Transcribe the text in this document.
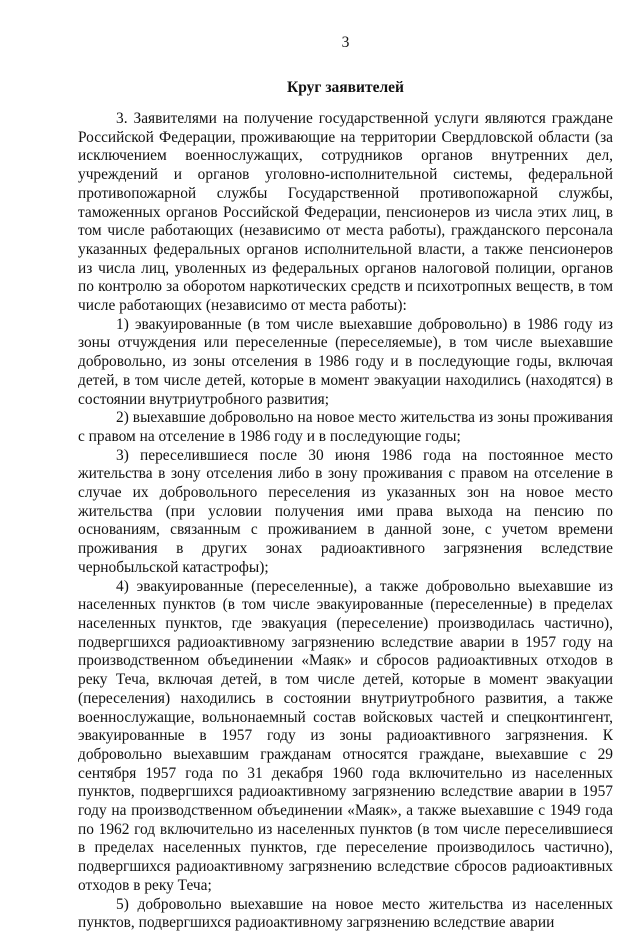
3
Круг заявителей

3. Заявителями на получение государственной услуги являются граждане Российской Федерации, проживающие на территории Свердловской области (за исключением военнослужащих, сотрудников органов внутренних дел, учреждений и органов уголовно-исполнительной системы, федеральной противопожарной службы Государственной противопожарной службы, таможенных органов Российской Федерации, пенсионеров из числа этих лиц, в том числе работающих (независимо от места работы), гражданского персонала указанных федеральных органов исполнительной власти, а также пенсионеров из числа лиц, уволенных из федеральных органов налоговой полиции, органов по контролю за оборотом наркотических средств и психотропных веществ, в том числе работающих (независимо от места работы):

1) эвакуированные (в том числе выехавшие добровольно) в 1986 году из зоны отчуждения или переселенные (переселяемые), в том числе выехавшие добровольно, из зоны отселения в 1986 году и в последующие годы, включая детей, в том числе детей, которые в момент эвакуации находились (находятся) в состоянии внутриутробного развития;

2) выехавшие добровольно на новое место жительства из зоны проживания с правом на отселение в 1986 году и в последующие годы;

3) переселившиеся после 30 июня 1986 года на постоянное место жительства в зону отселения либо в зону проживания с правом на отселение в случае их добровольного переселения из указанных зон на новое место жительства (при условии получения ими права выхода на пенсию по основаниям, связанным с проживанием в данной зоне, с учетом времени проживания в других зонах радиоактивного загрязнения вследствие чернобыльской катастрофы);

4) эвакуированные (переселенные), а также добровольно выехавшие из населенных пунктов (в том числе эвакуированные (переселенные) в пределах населенных пунктов, где эвакуация (переселение) производилась частично), подвергшихся радиоактивному загрязнению вследствие аварии в 1957 году на производственном объединении «Маяк» и сбросов радиоактивных отходов в реку Теча, включая детей, в том числе детей, которые в момент эвакуации (переселения) находились в состоянии внутриутробного развития, а также военнослужащие, вольнонаемный состав войсковых частей и спецконтингент, эвакуированные в 1957 году из зоны радиоактивного загрязнения. К добровольно выехавшим гражданам относятся граждане, выехавшие с 29 сентября 1957 года по 31 декабря 1960 года включительно из населенных пунктов, подвергшихся радиоактивному загрязнению вследствие аварии в 1957 году на производственном объединении «Маяк», а также выехавшие с 1949 года по 1962 год включительно из населенных пунктов (в том числе переселившиеся в пределах населенных пунктов, где переселение производилось частично), подвергшихся радиоактивному загрязнению вследствие сбросов радиоактивных отходов в реку Теча;

5) добровольно выехавшие на новое место жительства из населенных пунктов, подвергшихся радиоактивному загрязнению вследствие аварии
